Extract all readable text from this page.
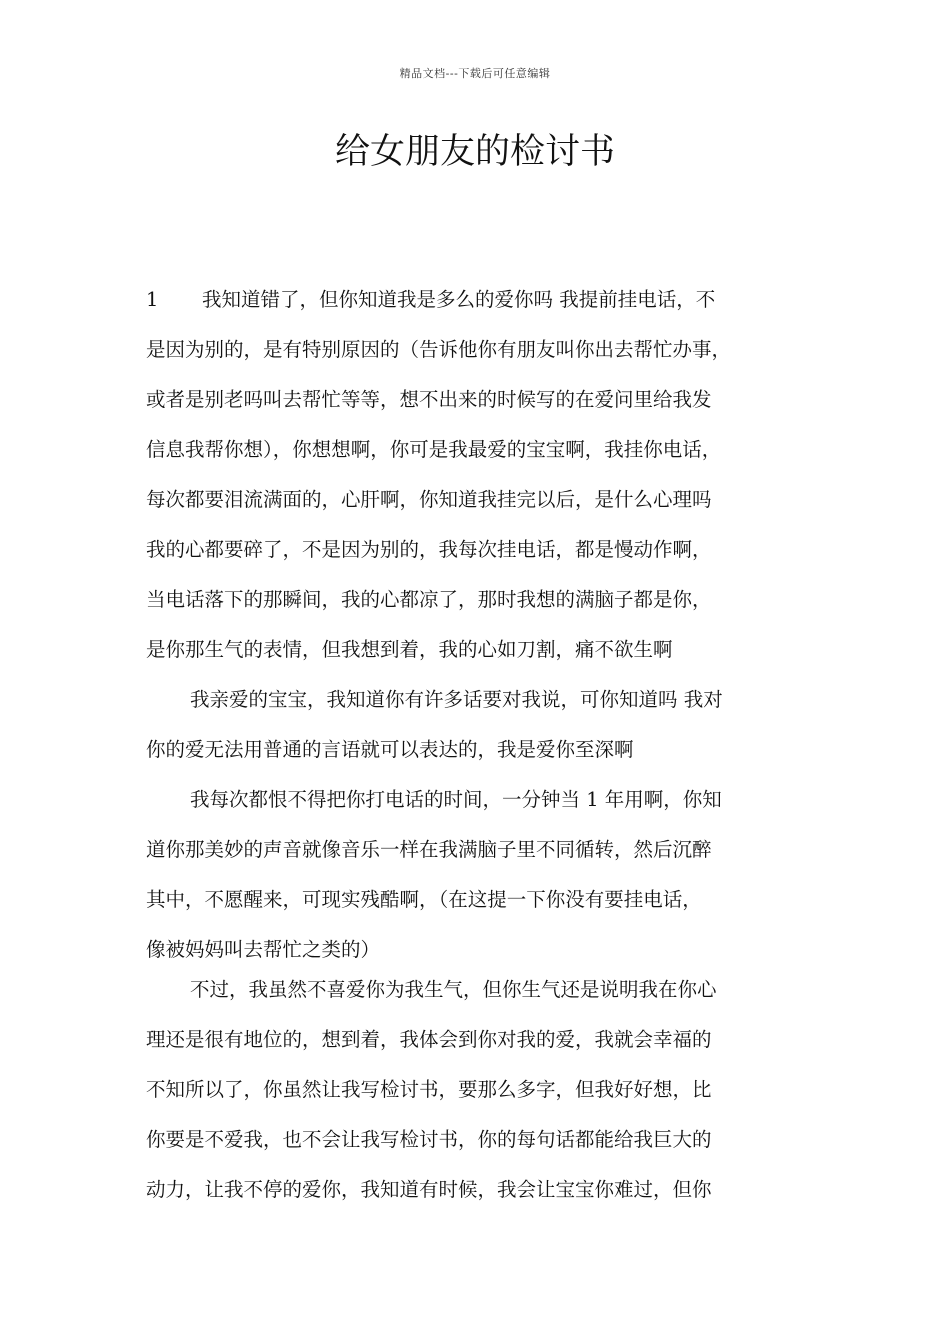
精品文档---下载后可任意编辑
给女朋友的检讨书
1 我知道错了，但你知道我是多么的爱你吗 我提前挂电话，不
是因为别的，是有特别原因的（告诉他你有朋友叫你出去帮忙办事，
或者是别老吗叫去帮忙等等，想不出来的时候写的在爱问里给我发
信息我帮你想），你想想啊，你可是我最爱的宝宝啊，我挂你电话，
每次都要泪流满面的，心肝啊，你知道我挂完以后，是什么心理吗
我的心都要碎了，不是因为别的，我每次挂电话，都是慢动作啊，
当电话落下的那瞬间，我的心都凉了，那时我想的满脑子都是你，
是你那生气的表情，但我想到着，我的心如刀割，痛不欲生啊
我亲爱的宝宝，我知道你有许多话要对我说，可你知道吗 我对
你的爱无法用普通的言语就可以表达的，我是爱你至深啊
我每次都恨不得把你打电话的时间，一分钟当 1 年用啊，你知
道你那美妙的声音就像音乐一样在我满脑子里不同循转，然后沉醉
其中，不愿醒来，可现实残酷啊，（在这提一下你没有要挂电话，
像被妈妈叫去帮忙之类的）
不过，我虽然不喜爱你为我生气，但你生气还是说明我在你心
理还是很有地位的，想到着，我体会到你对我的爱，我就会幸福的
不知所以了，你虽然让我写检讨书，要那么多字，但我好好想，比
你要是不爱我，也不会让我写检讨书，你的每句话都能给我巨大的
动力，让我不停的爱你，我知道有时候，我会让宝宝你难过，但你
